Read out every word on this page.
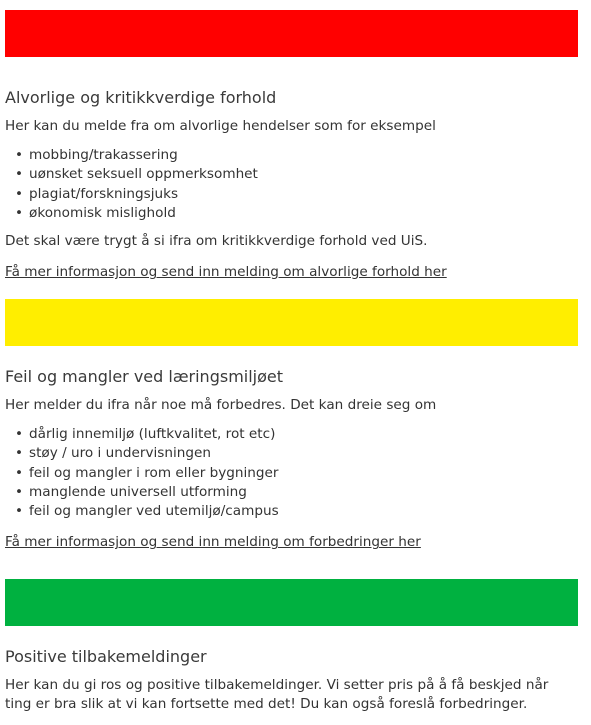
Alvorlige og kritikkverdige forhold

Her kan du melde fra om alvorlige hendelser som for eksempel

• mobbing/trakassering
• uønsket seksuell oppmerksomhet
• plagiat/forskningsjuks
• økonomisk mislighold

Det skal være trygt å si ifra om kritikkverdige forhold ved UiS.

Få mer informasjon og send inn melding om alvorlige forhold her
Feil og mangler ved læringsmiljøet

Her melder du ifra når noe må forbedres. Det kan dreie seg om

• dårlig innemiljø (luftkvalitet, rot etc)
• støy / uro i undervisningen
• feil og mangler i rom eller bygninger
• manglende universell utforming
• feil og mangler ved utemiljø/campus
Få mer informasjon og send inn melding om forbedringer her
Positive tilbakemeldinger

Her kan du gi ros og positive tilbakemeldinger. Vi setter pris på å få beskjed når ting er bra slik at vi kan fortsette med det! Du kan også foreslå forbedringer.
